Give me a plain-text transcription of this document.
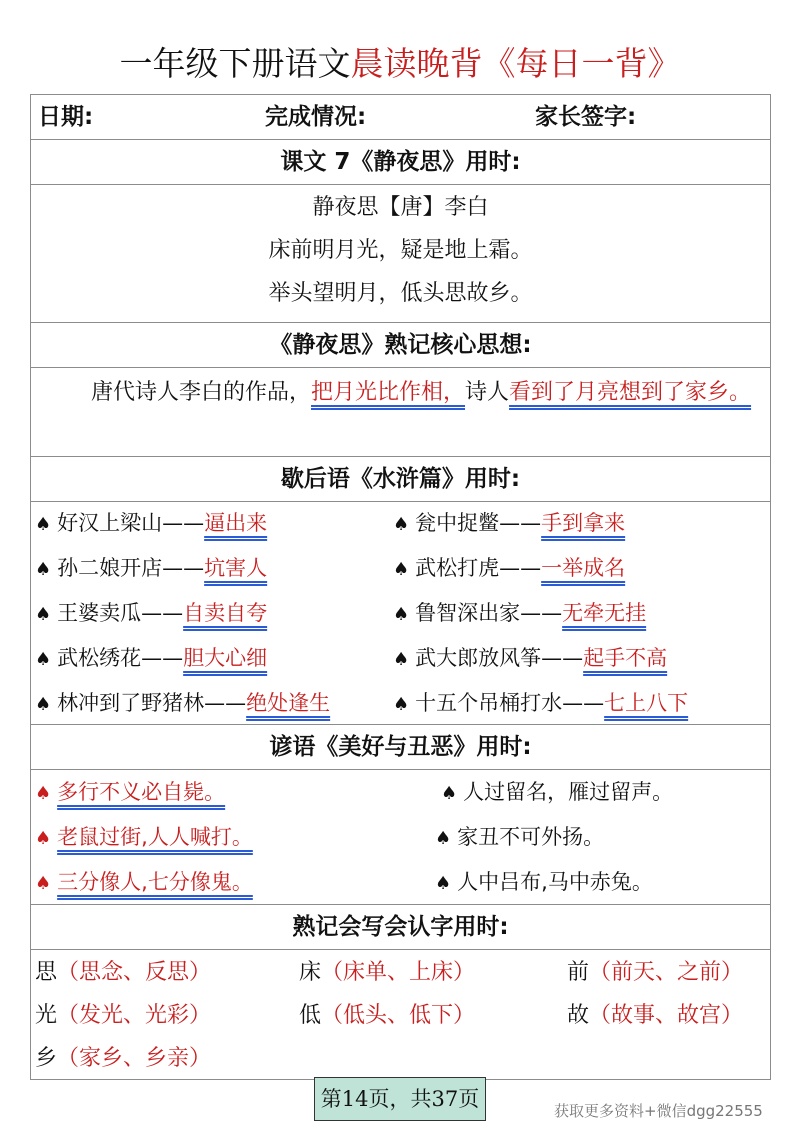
一年级下册语文晨读晚背《每日一背》
日期:	完成情况:	家长签字:
课文 7《静夜思》用时:

静夜思【唐】李白

床前明月光，疑是地上霜。

举头望明月，低头思故乡。

《静夜思》熟记核心思想:
唐代诗人李白的作品，把月光比作相，诗人看到了月亮想到了家乡。
歇后语《水浒篇》用时:
♠ 好汉上梁山——逼出来
♠ 孙二娘开店——坑害人
♠ 王婆卖瓜——自卖自夸
♠ 武松绣花——胆大心细
♠ 林冲到了野猪林——绝处逢生
♠ 瓮中捉鳖——手到拿来
♠ 武松打虎——一举成名
♠ 鲁智深出家——无牵无挂
♠ 武大郎放风筝——起手不高
♠ 十五个吊桶打水——七上八下
谚语《美好与丑恶》用时:
♠ 多行不义必自毙。
♠ 老鼠过街,人人喊打。
♠ 三分像人,七分像鬼。
♠ 人过留名，雁过留声。
♠ 家丑不可外扬。
♠ 人中吕布,马中赤兔。
熟记会写会认字用时:
思（思念、反思）	床（床单、上床）	前（前天、之前）
光（发光、光彩）	低（低头、低下）	故（故事、故宫）
乡（家乡、乡亲）
第14页，共37页	获取更多资料+微信dgg22555
